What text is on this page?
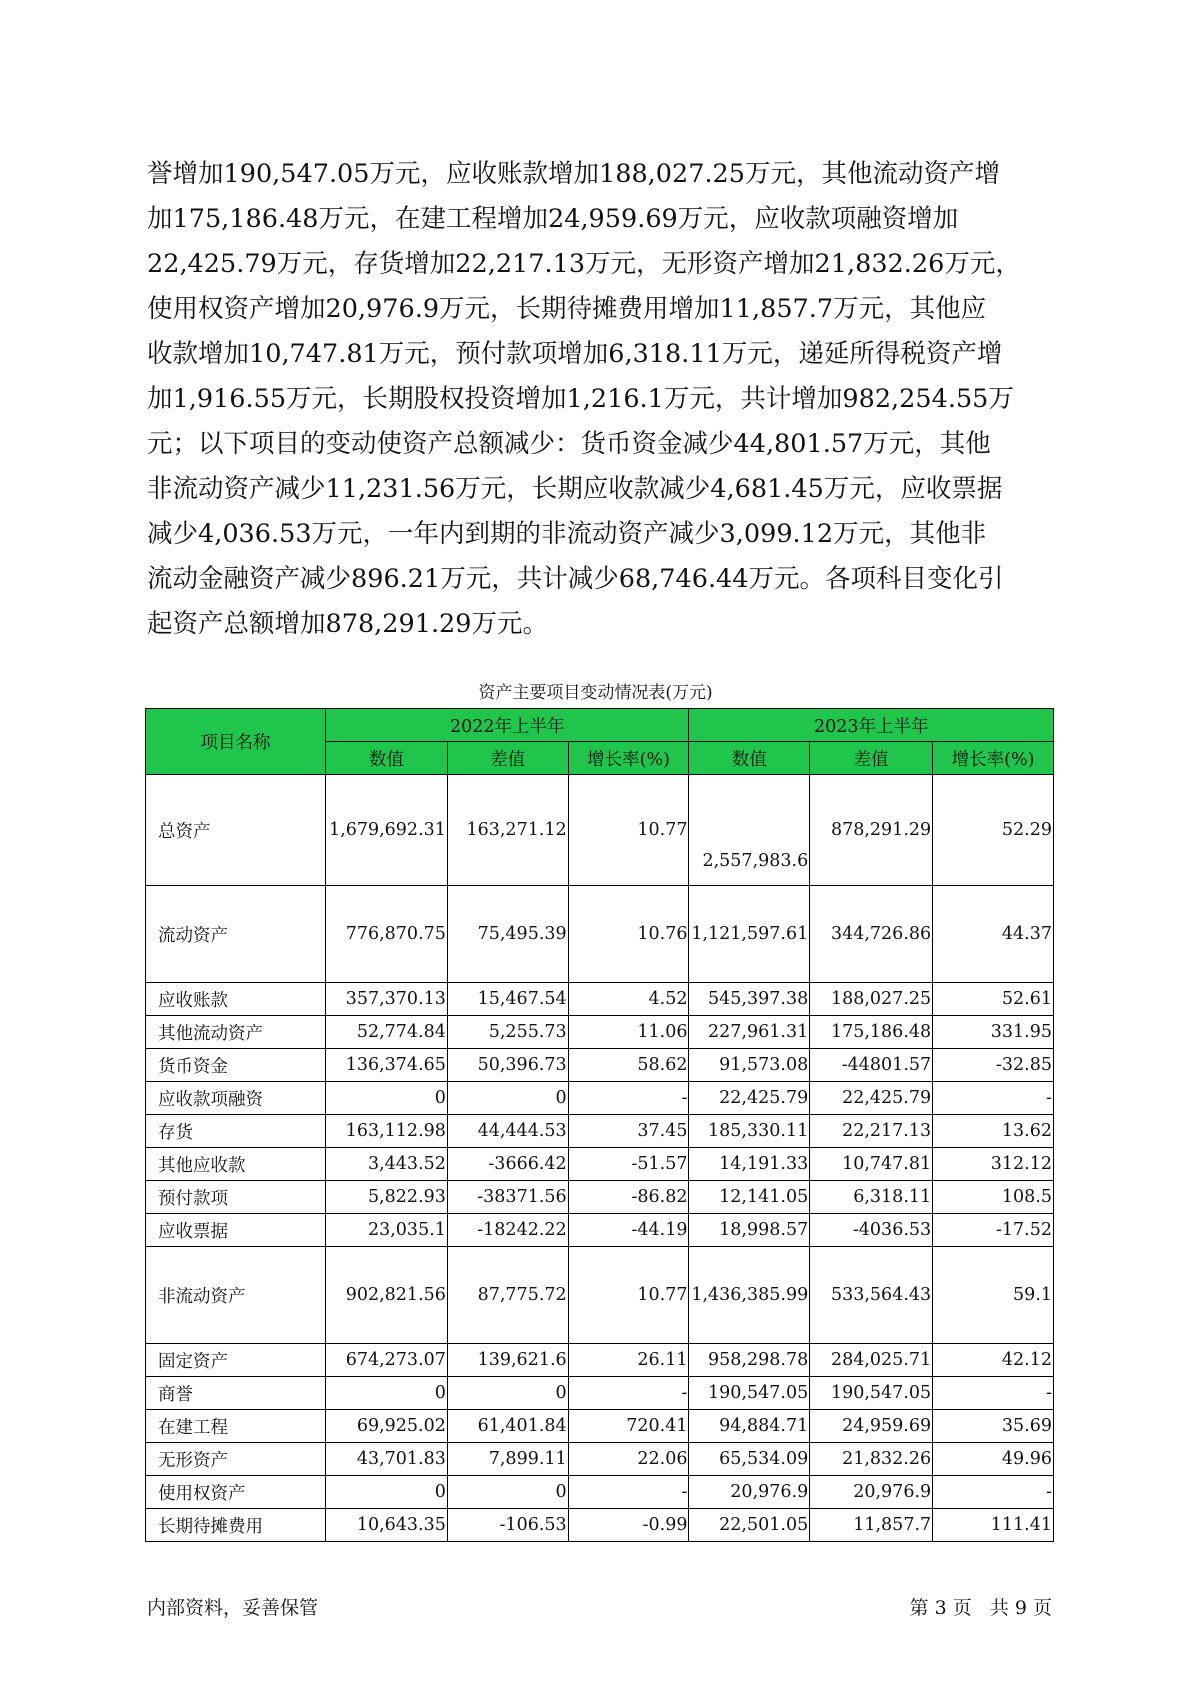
誉增加190,547.05万元，应收账款增加188,027.25万元，其他流动资产增

加175,186.48万元，在建工程增加24,959.69万元，应收款项融资增加

22,425.79万元，存货增加22,217.13万元，无形资产增加21,832.26万元，

使用权资产增加20,976.9万元，长期待摊费用增加11,857.7万元，其他应

收款增加10,747.81万元，预付款项增加6,318.11万元，递延所得税资产增

加1,916.55万元，长期股权投资增加1,216.1万元，共计增加982,254.55万

元；以下项目的变动使资产总额减少：货币资金减少44,801.57万元，其他

非流动资产减少11,231.56万元，长期应收款减少4,681.45万元，应收票据

减少4,036.53万元，一年内到期的非流动资产减少3,099.12万元，其他非

流动金融资产减少896.21万元，共计减少68,746.44万元。各项科目变化引

起资产总额增加878,291.29万元。

资产主要项目变动情况表(万元)
项目名称	2022年上半年			2023年上半年		
	数值	差值	增长率(%)	数值	差值	增长率(%)
总资产	1,679,692.31	163,271.12	10.77	2,557,983.6	878,291.29	52.29
流动资产	776,870.75	75,495.39	10.76	1,121,597.61	344,726.86	44.37
应收账款	357,370.13	15,467.54	4.52	545,397.38	188,027.25	52.61
其他流动资产	52,774.84	5,255.73	11.06	227,961.31	175,186.48	331.95
货币资金	136,374.65	50,396.73	58.62	91,573.08	-44801.57	-32.85
应收款项融资	0	0	-	22,425.79	22,425.79	-
存货	163,112.98	44,444.53	37.45	185,330.11	22,217.13	13.62
其他应收款	3,443.52	-3666.42	-51.57	14,191.33	10,747.81	312.12
预付款项	5,822.93	-38371.56	-86.82	12,141.05	6,318.11	108.5
应收票据	23,035.1	-18242.22	-44.19	18,998.57	-4036.53	-17.52
非流动资产	902,821.56	87,775.72	10.77	1,436,385.99	533,564.43	59.1
固定资产	674,273.07	139,621.6	26.11	958,298.78	284,025.71	42.12
商誉	0	0	-	190,547.05	190,547.05	-
在建工程	69,925.02	61,401.84	720.41	94,884.71	24,959.69	35.69
无形资产	43,701.83	7,899.11	22.06	65,534.09	21,832.26	49.96
使用权资产	0	0	-	20,976.9	20,976.9	-
长期待摊费用	10,643.35	-106.53	-0.99	22,501.05	11,857.7	111.41
内部资料，妥善保管	第 3 页   共 9 页
